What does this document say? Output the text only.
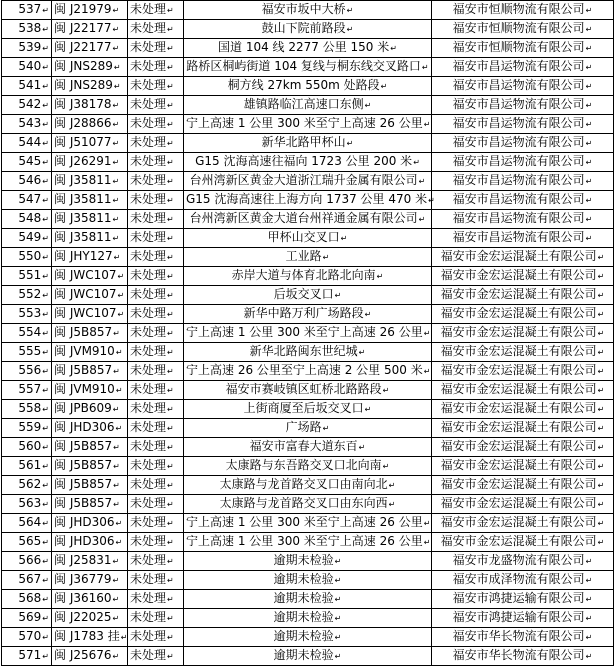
537↵	闽 J21979↵	未处理↵	福安市坂中大桥↵	福安市恒顺物流有限公司↵
538↵	闽 J22177↵	未处理↵	鼓山下院前路段↵	福安市恒顺物流有限公司↵
539↵	闽 J22177↵	未处理↵	国道 104 线 2277 公里 150 米↵	福安市恒顺物流有限公司↵
540↵	闽 JNS289↵	未处理↵	路桥区桐屿街道 104 复线与桐东线交叉路口↵	福安市昌运物流有限公司↵
541↵	闽 JNS289↵	未处理↵	桐方线 27km 550m 处路段↵	福安市昌运物流有限公司↵
542↵	闽 J38178↵	未处理↵	雄镇路临江高速口东侧↵	福安市昌运物流有限公司↵
543↵	闽 J28866↵	未处理↵	宁上高速 1 公里 300 米至宁上高速 26 公里↵	福安市昌运物流有限公司↵
544↵	闽 J51077↵	未处理↵	新华北路甲杯山↵	福安市昌运物流有限公司↵
545↵	闽 J26291↵	未处理↵	G15 沈海高速往福向 1723 公里 200 米↵	福安市昌运物流有限公司↵
546↵	闽 J35811↵	未处理↵	台州湾新区黄金大道浙江瑞升金属有限公司↵	福安市昌运物流有限公司↵
547↵	闽 J35811↵	未处理↵	G15 沈海高速往上海方向 1737 公里 470 米↵	福安市昌运物流有限公司↵
548↵	闽 J35811↵	未处理↵	台州湾新区黄金大道台州祥通金属有限公司↵	福安市昌运物流有限公司↵
549↵	闽 J35811↵	未处理↵	甲杯山交叉口↵	福安市昌运物流有限公司↵
550↵	闽 JHY127↵	未处理↵	工业路↵	福安市金宏运混凝土有限公司↵
551↵	闽 JWC107↵	未处理↵	赤岸大道与体育北路北向南↵	福安市金宏运混凝土有限公司↵
552↵	闽 JWC107↵	未处理↵	后坂交叉口↵	福安市金宏运混凝土有限公司↵
553↵	闽 JWC107↵	未处理↵	新华中路万利广场路段↵	福安市金宏运混凝土有限公司↵
554↵	闽 J5B857↵	未处理↵	宁上高速 1 公里 300 米至宁上高速 26 公里↵	福安市金宏运混凝土有限公司↵
555↵	闽 JVM910↵	未处理↵	新华北路闽东世纪城↵	福安市金宏运混凝土有限公司↵
556↵	闽 J5B857↵	未处理↵	宁上高速 26 公里至宁上高速 2 公里 500 米↵	福安市金宏运混凝土有限公司↵
557↵	闽 JVM910↵	未处理↵	福安市赛岐镇区虹桥北路路段↵	福安市金宏运混凝土有限公司↵
558↵	闽 JPB609↵	未处理↵	上街商厦至后坂交叉口↵	福安市金宏运混凝土有限公司↵
559↵	闽 JHD306↵	未处理↵	广场路↵	福安市金宏运混凝土有限公司↵
560↵	闽 J5B857↵	未处理↵	福安市富春大道东百↵	福安市金宏运混凝土有限公司↵
561↵	闽 J5B857↵	未处理↵	太康路与东吾路交叉口北向南↵	福安市金宏运混凝土有限公司↵
562↵	闽 J5B857↵	未处理↵	太康路与龙首路交叉口由南向北↵	福安市金宏运混凝土有限公司↵
563↵	闽 J5B857↵	未处理↵	太康路与龙首路交叉口由东向西↵	福安市金宏运混凝土有限公司↵
564↵	闽 JHD306↵	未处理↵	宁上高速 1 公里 300 米至宁上高速 26 公里↵	福安市金宏运混凝土有限公司↵
565↵	闽 JHD306↵	未处理↵	宁上高速 1 公里 300 米至宁上高速 26 公里↵	福安市金宏运混凝土有限公司↵
566↵	闽 J25831↵	未处理↵	逾期未检验↵	福安市龙盛物流有限公司↵
567↵	闽 J36779↵	未处理↵	逾期未检验↵	福安市成泽物流有限公司↵
568↵	闽 J36160↵	未处理↵	逾期未检验↵	福安市鸿捷运输有限公司↵
569↵	闽 J22025↵	未处理↵	逾期未检验↵	福安市鸿捷运输有限公司↵
570↵	闽 J1783 挂↵	未处理↵	逾期未检验↵	福安市华长物流有限公司↵
571↵	闽 J25676↵	未处理↵	逾期未检验↵	福安市华长物流有限公司↵
